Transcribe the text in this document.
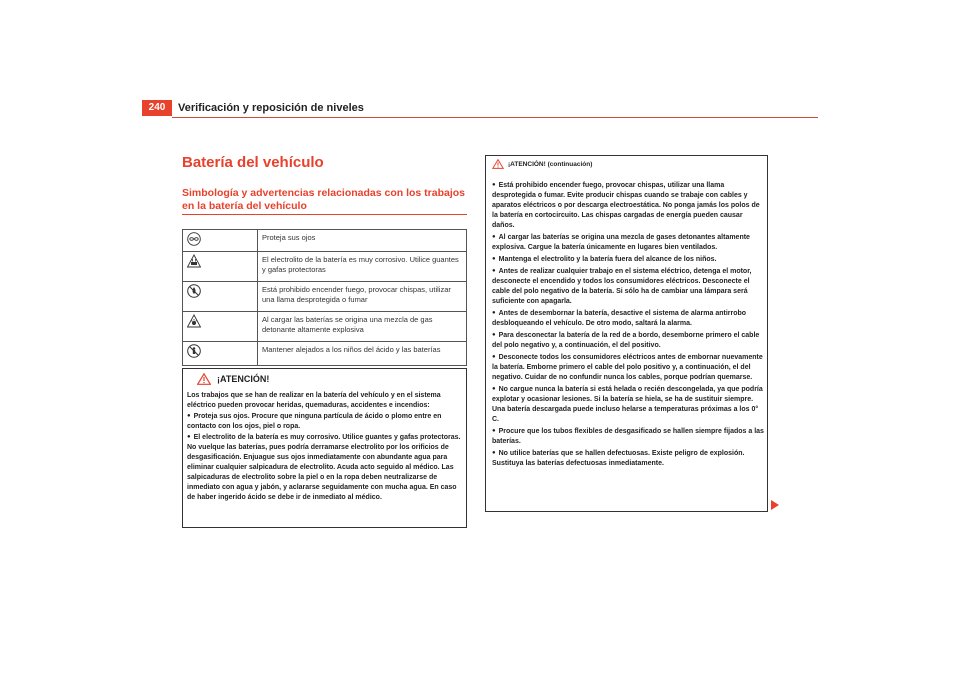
240	Verificación y reposición de niveles
Batería del vehículo
Simbología y advertencias relacionadas con los trabajos en la batería del vehículo
	Proteja sus ojos
	El electrolito de la batería es muy corrosivo. Utilice guantes y gafas protectoras
	Está prohibido encender fuego, provocar chispas, utilizar una llama desprotegida o fumar
	Al cargar las baterías se origina una mezcla de gas detonante altamente explosiva
	Mantener alejados a los niños del ácido y las baterías
¡ATENCIÓN!

Los trabajos que se han de realizar en la batería del vehículo y en el sistema eléctrico pueden provocar heridas, quemaduras, accidentes e incendios:

● Proteja sus ojos. Procure que ninguna partícula de ácido o plomo entre en contacto con los ojos, piel o ropa.

● El electrolito de la batería es muy corrosivo. Utilice guantes y gafas protectoras. No vuelque las baterías, pues podría derramarse electrolito por los orificios de desgasificación. Enjuague sus ojos inmediatamente con abundante agua para eliminar cualquier salpicadura de electrolito. Acuda acto seguido al médico. Las salpicaduras de electrolito sobre la piel o en la ropa deben neutralizarse de inmediato con agua y jabón, y aclararse seguidamente con mucha agua. En caso de haber ingerido ácido se debe ir de inmediato al médico.

¡ATENCIÓN! (continuación)

● Está prohibido encender fuego, provocar chispas, utilizar una llama desprotegida o fumar. Evite producir chispas cuando se trabaje con cables y aparatos eléctricos o por descarga electroestática. No ponga jamás los polos de la batería en cortocircuito. Las chispas cargadas de energía pueden causar daños.

● Al cargar las baterías se origina una mezcla de gases detonantes altamente explosiva. Cargue la batería únicamente en lugares bien ventilados.

● Mantenga el electrolito y la batería fuera del alcance de los niños.

● Antes de realizar cualquier trabajo en el sistema eléctrico, detenga el motor, desconecte el encendido y todos los consumidores eléctricos. Desconecte el cable del polo negativo de la batería. Si sólo ha de cambiar una lámpara será suficiente con apagarla.

● Antes de desembornar la batería, desactive el sistema de alarma antirrobo desbloqueando el vehículo. De otro modo, saltará la alarma.

● Para desconectar la batería de la red de a bordo, desemborne primero el cable del polo negativo y, a continuación, el del positivo.

● Desconecte todos los consumidores eléctricos antes de embornar nuevamente la batería. Emborne primero el cable del polo positivo y, a continuación, el del negativo. Cuidar de no confundir nunca los cables, porque podrían quemarse.

● No cargue nunca la batería si está helada o recién descongelada, ya que podría explotar y ocasionar lesiones. Si la batería se hiela, se ha de sustituir siempre. Una batería descargada puede incluso helarse a temperaturas próximas a los 0° C.

● Procure que los tubos flexibles de desgasificado se hallen siempre fijados a las baterías.

● No utilice baterías que se hallen defectuosas. Existe peligro de explosión. Sustituya las baterías defectuosas inmediatamente.
